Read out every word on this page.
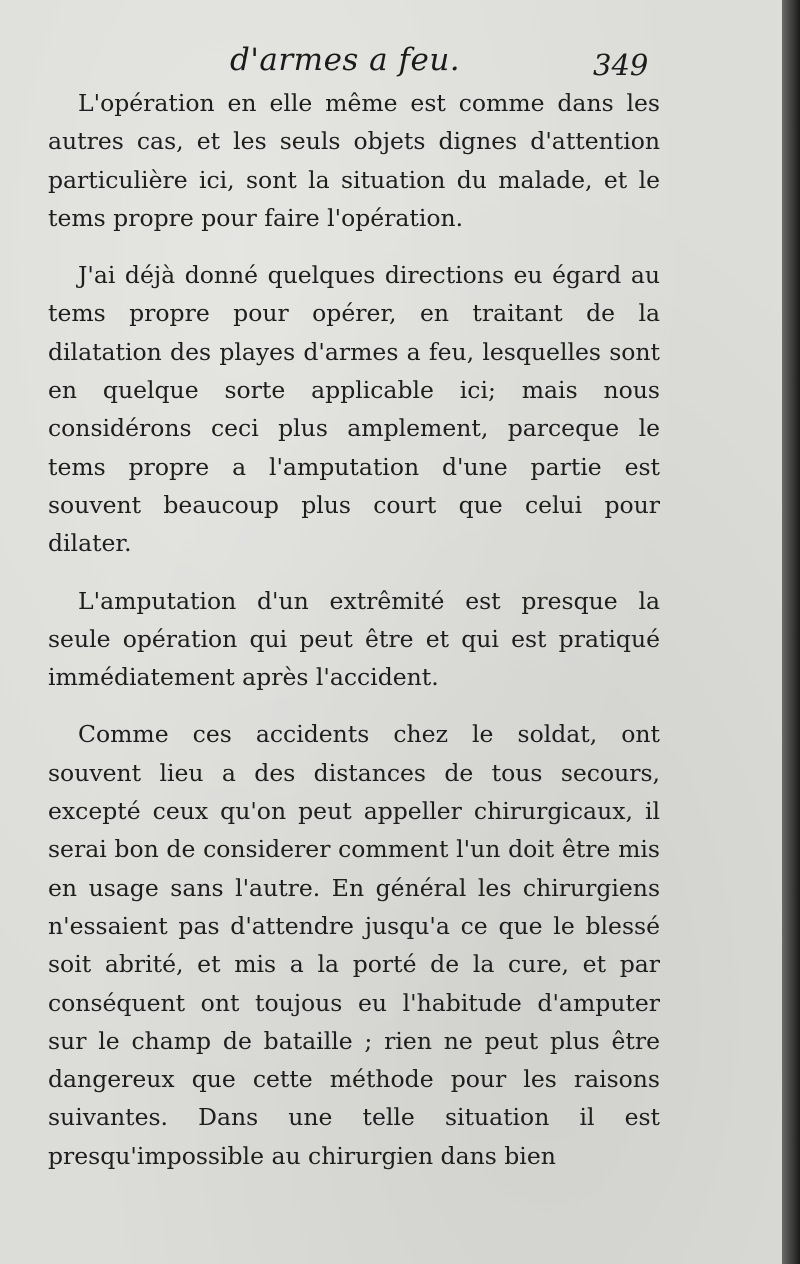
d'armes a feu.	349

L'opération en elle même est comme dans les autres cas, et les seuls objets dignes d'attention particulière ici, sont la situation du malade, et le tems propre pour faire l'opération.

J'ai déjà donné quelques directions eu égard au tems propre pour opérer, en traitant de la dilatation des playes d'armes a feu, lesquelles sont en quelque sorte applicable ici; mais nous considérons ceci plus amplement, parceque le tems propre a l'amputation d'une partie est souvent beaucoup plus court que celui pour dilater.

L'amputation d'un extrêmité est presque la seule opération qui peut être et qui est pratiqué immédiatement après l'accident.

Comme ces accidents chez le soldat, ont souvent lieu a des distances de tous secours, excepté ceux qu'on peut appeller chirurgicaux, il serai bon de considerer comment l'un doit être mis en usage sans l'autre. En général les chirurgiens n'essaient pas d'attendre jusqu'a ce que le blessé soit abrité, et mis a la porté de la cure, et par conséquent ont toujous eu l'habitude d'amputer sur le champ de bataille ; rien ne peut plus être dangereux que cette méthode pour les raisons suivantes. Dans une telle situation il est presqu'impossible au chirurgien dans bien
